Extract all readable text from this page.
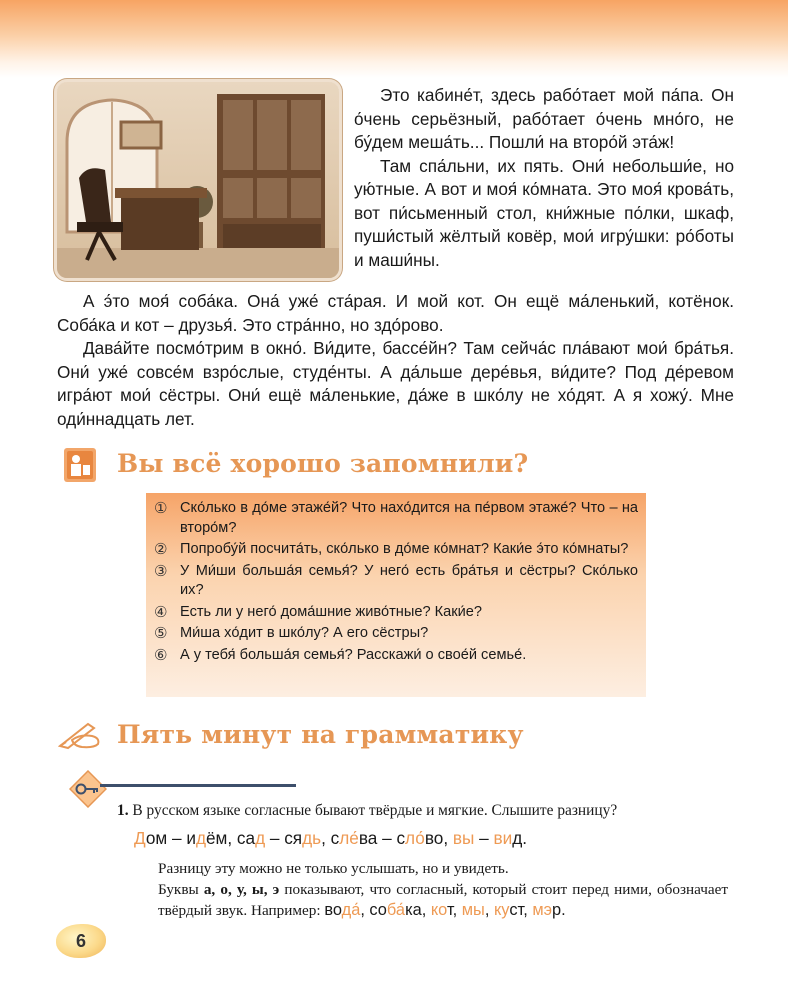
Это кабине́т, здесь рабо́тает мой па́па. Он о́чень серьёзный, рабо́тает о́чень мно́го, не бу́дем меша́ть... Пошли́ на второ́й эта́ж!

Там спа́льни, их пять. Они́ небольши́е, но ую́тные. А вот и моя́ ко́мната. Это моя́ крова́ть, вот пи́сьменный стол, кни́жные по́лки, шкаф, пуши́стый жёлтый ковёр, мои́ игру́шки: ро́боты и маши́ны.

А э́то моя́ соба́ка. Она́ уже́ ста́рая. И мой кот. Он ещё ма́ленький, котёнок. Соба́ка и кот – друзья́. Это стра́нно, но здо́рово.

Дава́йте посмо́трим в окно́. Ви́дите, бассе́йн? Там сейча́с пла́вают мои́ бра́тья. Они́ уже́ совсе́м взро́слые, студе́нты. А да́льше дере́вья, ви́дите? Под де́ревом игра́ют мои́ сёстры. Они́ ещё ма́ленькие, да́же в шко́лу не хо́дят. А я хожу́. Мне оди́ннадцать лет.

Вы всё хорошо запомнили?
① Ско́лько в до́ме этаже́й? Что нахо́дится на пе́рвом этаже́? Что – на второ́м?
② Попробу́й посчита́ть, ско́лько в до́ме ко́мнат? Каки́е э́то ко́мнаты?
③ У Ми́ши больша́я семья́? У него́ есть бра́тья и сёстры? Ско́лько их?
④ Есть ли у него́ дома́шние живо́тные? Каки́е?
⑤ Ми́ша хо́дит в шко́лу? А его сёстры?
⑥ А у тебя́ больша́я семья́? Расскажи́ о свое́й семье́.
Пять минут на грамматику
1. В русском языке согласные бывают твёрдые и мягкие. Слышите разницу?
Дом – идём, сад – сядь, сле́ва – сло́во, вы – вид.

Разницу эту можно не только услышать, но и увидеть.

Буквы а, о, у, ы, э показывают, что согласный, который стоит перед ними, обозначает твёрдый звук. Например: вода́, соба́ка, кот, мы, куст, мэр.

6
